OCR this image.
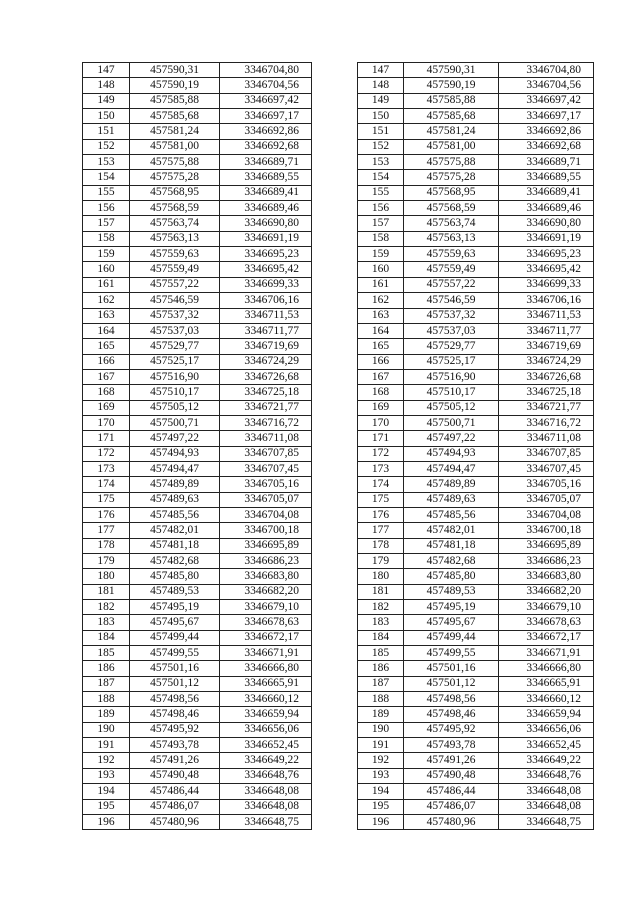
147	457590,31	3346704,80		147	457590,31	3346704,80
148	457590,19	3346704,56		148	457590,19	3346704,56
149	457585,88	3346697,42		149	457585,88	3346697,42
150	457585,68	3346697,17		150	457585,68	3346697,17
151	457581,24	3346692,86		151	457581,24	3346692,86
152	457581,00	3346692,68		152	457581,00	3346692,68
153	457575,88	3346689,71		153	457575,88	3346689,71
154	457575,28	3346689,55		154	457575,28	3346689,55
155	457568,95	3346689,41		155	457568,95	3346689,41
156	457568,59	3346689,46		156	457568,59	3346689,46
157	457563,74	3346690,80		157	457563,74	3346690,80
158	457563,13	3346691,19		158	457563,13	3346691,19
159	457559,63	3346695,23		159	457559,63	3346695,23
160	457559,49	3346695,42		160	457559,49	3346695,42
161	457557,22	3346699,33		161	457557,22	3346699,33
162	457546,59	3346706,16		162	457546,59	3346706,16
163	457537,32	3346711,53		163	457537,32	3346711,53
164	457537,03	3346711,77		164	457537,03	3346711,77
165	457529,77	3346719,69		165	457529,77	3346719,69
166	457525,17	3346724,29		166	457525,17	3346724,29
167	457516,90	3346726,68		167	457516,90	3346726,68
168	457510,17	3346725,18		168	457510,17	3346725,18
169	457505,12	3346721,77		169	457505,12	3346721,77
170	457500,71	3346716,72		170	457500,71	3346716,72
171	457497,22	3346711,08		171	457497,22	3346711,08
172	457494,93	3346707,85		172	457494,93	3346707,85
173	457494,47	3346707,45		173	457494,47	3346707,45
174	457489,89	3346705,16		174	457489,89	3346705,16
175	457489,63	3346705,07		175	457489,63	3346705,07
176	457485,56	3346704,08		176	457485,56	3346704,08
177	457482,01	3346700,18		177	457482,01	3346700,18
178	457481,18	3346695,89		178	457481,18	3346695,89
179	457482,68	3346686,23		179	457482,68	3346686,23
180	457485,80	3346683,80		180	457485,80	3346683,80
181	457489,53	3346682,20		181	457489,53	3346682,20
182	457495,19	3346679,10		182	457495,19	3346679,10
183	457495,67	3346678,63		183	457495,67	3346678,63
184	457499,44	3346672,17		184	457499,44	3346672,17
185	457499,55	3346671,91		185	457499,55	3346671,91
186	457501,16	3346666,80		186	457501,16	3346666,80
187	457501,12	3346665,91		187	457501,12	3346665,91
188	457498,56	3346660,12		188	457498,56	3346660,12
189	457498,46	3346659,94		189	457498,46	3346659,94
190	457495,92	3346656,06		190	457495,92	3346656,06
191	457493,78	3346652,45		191	457493,78	3346652,45
192	457491,26	3346649,22		192	457491,26	3346649,22
193	457490,48	3346648,76		193	457490,48	3346648,76
194	457486,44	3346648,08		194	457486,44	3346648,08
195	457486,07	3346648,08		195	457486,07	3346648,08
196	457480,96	3346648,75		196	457480,96	3346648,75
